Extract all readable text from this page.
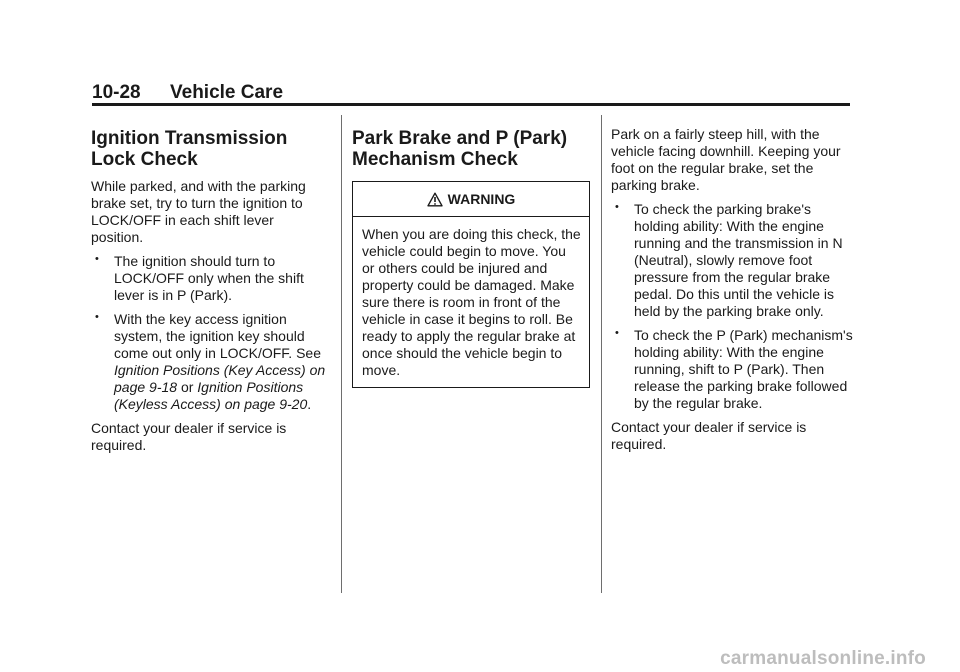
10-28 Vehicle Care
Ignition Transmission Lock Check

While parked, and with the parking brake set, try to turn the ignition to LOCK/OFF in each shift lever position.

• The ignition should turn to LOCK/OFF only when the shift lever is in P (Park).
• With the key access ignition system, the ignition key should come out only in LOCK/OFF. See Ignition Positions (Key Access) on page 9-18 or Ignition Positions (Keyless Access) on page 9-20.

Contact your dealer if service is required.

Park Brake and P (Park) Mechanism Check
WARNING
When you are doing this check, the vehicle could begin to move. You or others could be injured and property could be damaged. Make sure there is room in front of the vehicle in case it begins to roll. Be ready to apply the regular brake at once should the vehicle begin to move.

Park on a fairly steep hill, with the vehicle facing downhill. Keeping your foot on the regular brake, set the parking brake.

• To check the parking brake's holding ability: With the engine running and the transmission in N (Neutral), slowly remove foot pressure from the regular brake pedal. Do this until the vehicle is held by the parking brake only.
• To check the P (Park) mechanism's holding ability: With the engine running, shift to P (Park). Then release the parking brake followed by the regular brake.

Contact your dealer if service is required.

carmanualsonline.info
